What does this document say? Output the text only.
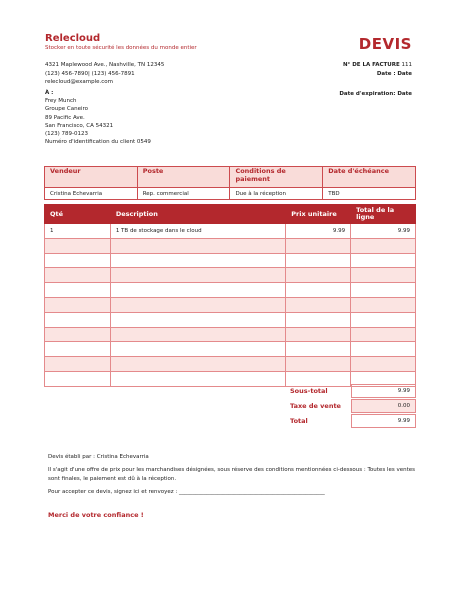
Relecloud
Stocker en toute sécurité les données du monde entier	DEVIS
4321 Maplewood Ave., Nashville, TN 12345
(123) 456-7890| (123) 456-7891
relecloud@example.com
N° DE LA FACTURE 111
Date : Date
À :
Frey Munch
Groupe Caneiro
89 Pacific Ave.
San Francisco, CA 54321
(123) 789-0123
Numéro d'identification du client 0549
Date d'expiration: Date
Vendeur	Poste	Conditions de paiement	Date d'échéance
Cristina Echevarria	Rep. commercial	Due à la réception	TBD
Qté	Description	Prix unitaire	Total de la ligne
1	1 TB de stockage dans le cloud	9.99	9.99

Sous-total	9.99
Taxe de vente	0.00
Total	9.99

Devis établi par : Cristina Echevarria

Il s'agit d'une offre de prix pour les marchandises désignées, sous réserve des conditions mentionnées ci-dessous : Toutes les ventes sont finales, le paiement est dû à la réception.

Pour accepter ce devis, signez ici et renvoyez : _____________________________________________________

Merci de votre confiance !
